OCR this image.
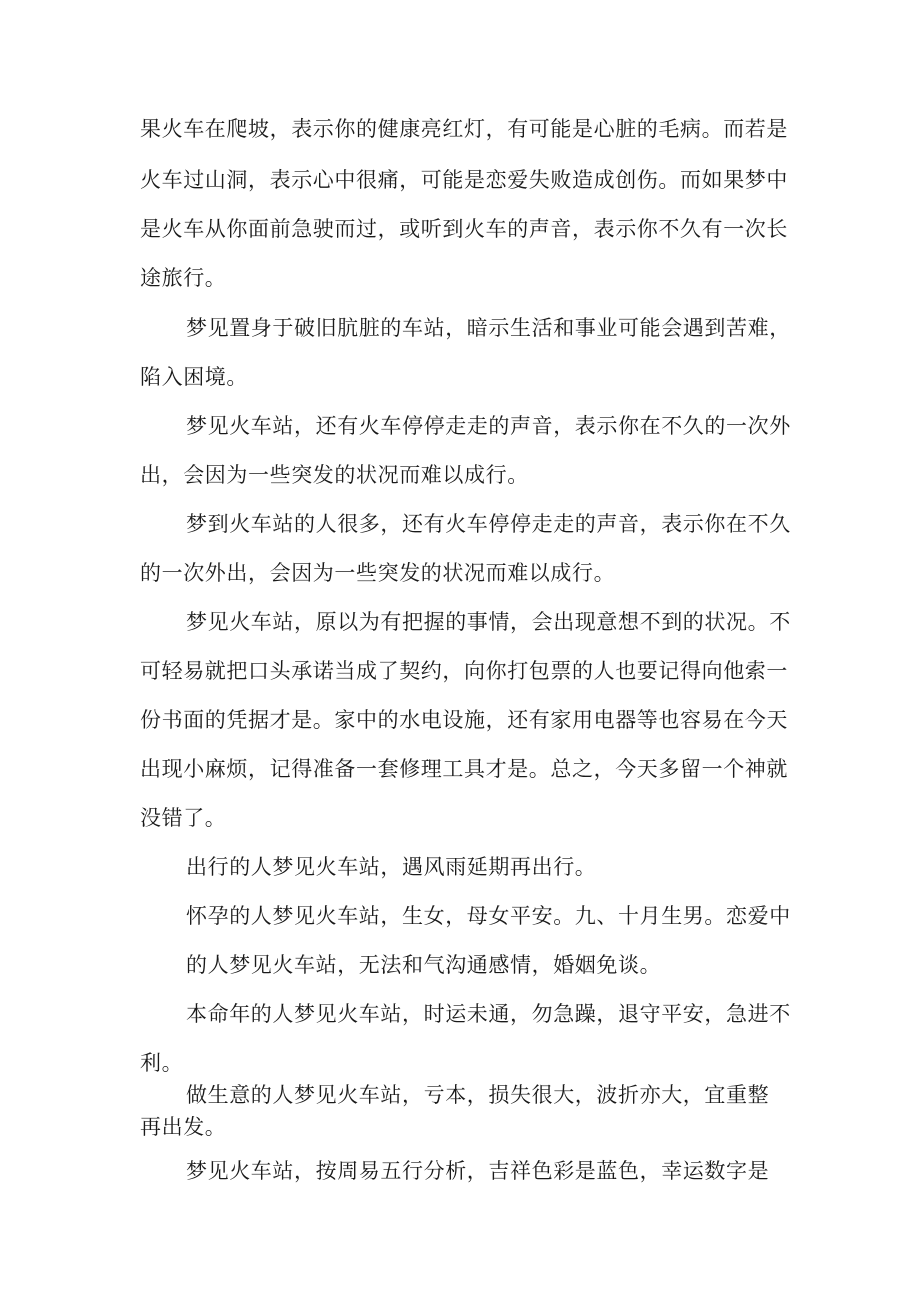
果火车在爬坡，表示你的健康亮红灯，有可能是心脏的毛病。而若是
火车过山洞，表示心中很痛，可能是恋爱失败造成创伤。而如果梦中
是火车从你面前急驶而过，或听到火车的声音，表示你不久有一次长
途旅行。
梦见置身于破旧肮脏的车站，暗示生活和事业可能会遇到苦难，
陷入困境。
梦见火车站，还有火车停停走走的声音，表示你在不久的一次外
出，会因为一些突发的状况而难以成行。
梦到火车站的人很多，还有火车停停走走的声音，表示你在不久
的一次外出，会因为一些突发的状况而难以成行。
梦见火车站，原以为有把握的事情，会出现意想不到的状况。不
可轻易就把口头承诺当成了契约，向你打包票的人也要记得向他索一
份书面的凭据才是。家中的水电设施，还有家用电器等也容易在今天
出现小麻烦，记得准备一套修理工具才是。总之，今天多留一个神就
没错了。
出行的人梦见火车站，遇风雨延期再出行。
怀孕的人梦见火车站，生女，母女平安。九、十月生男。恋爱中
的人梦见火车站，无法和气沟通感情，婚姻免谈。
本命年的人梦见火车站，时运未通，勿急躁，退守平安，急进不
利。
做生意的人梦见火车站，亏本，损失很大，波折亦大，宜重整
再出发。
梦见火车站，按周易五行分析，吉祥色彩是蓝色，幸运数字是
